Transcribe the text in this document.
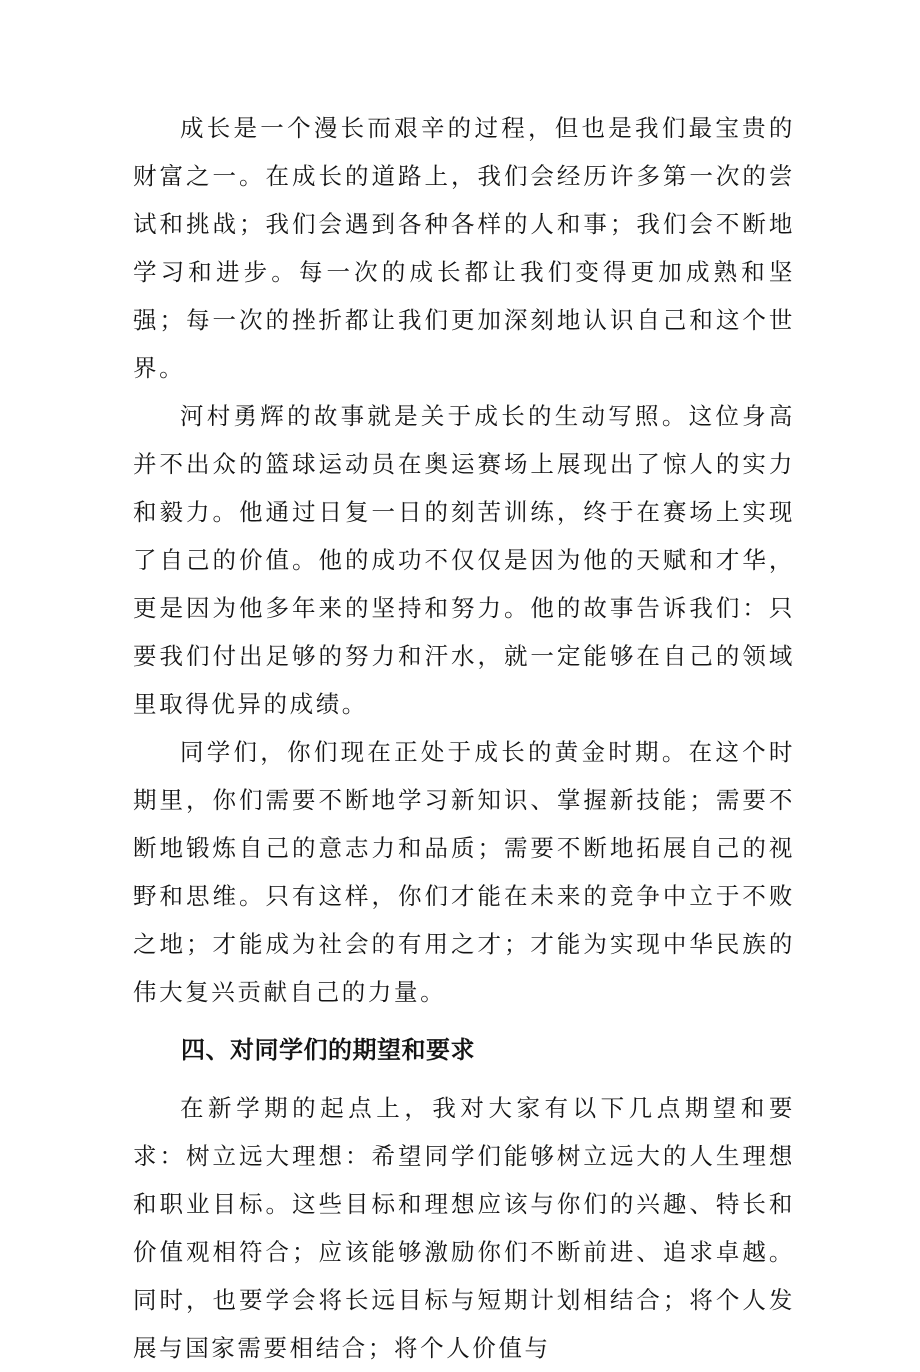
成长是一个漫长而艰辛的过程，但也是我们最宝贵的财富之一。在成长的道路上，我们会经历许多第一次的尝试和挑战；我们会遇到各种各样的人和事；我们会不断地学习和进步。每一次的成长都让我们变得更加成熟和坚强；每一次的挫折都让我们更加深刻地认识自己和这个世界。

河村勇辉的故事就是关于成长的生动写照。这位身高并不出众的篮球运动员在奥运赛场上展现出了惊人的实力和毅力。他通过日复一日的刻苦训练，终于在赛场上实现了自己的价值。他的成功不仅仅是因为他的天赋和才华，更是因为他多年来的坚持和努力。他的故事告诉我们：只要我们付出足够的努力和汗水，就一定能够在自己的领域里取得优异的成绩。

同学们，你们现在正处于成长的黄金时期。在这个时期里，你们需要不断地学习新知识、掌握新技能；需要不断地锻炼自己的意志力和品质；需要不断地拓展自己的视野和思维。只有这样，你们才能在未来的竞争中立于不败之地；才能成为社会的有用之才；才能为实现中华民族的伟大复兴贡献自己的力量。

四、对同学们的期望和要求

在新学期的起点上，我对大家有以下几点期望和要求：树立远大理想：希望同学们能够树立远大的人生理想和职业目标。这些目标和理想应该与你们的兴趣、特长和价值观相符合；应该能够激励你们不断前进、追求卓越。同时，也要学会将长远目标与短期计划相结合；将个人发展与国家需要相结合；将个人价值与
